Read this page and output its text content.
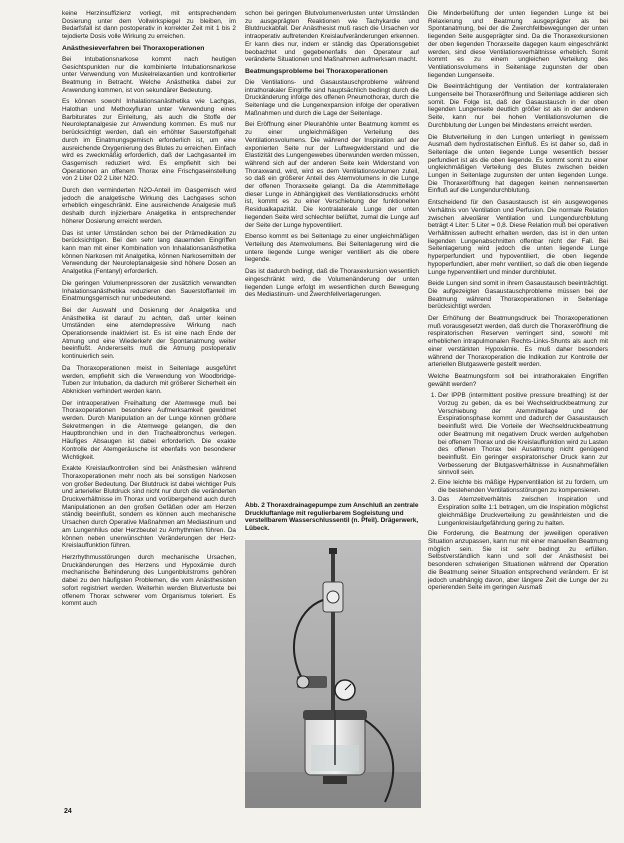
keine Herzinsuffizienz vorliegt, mit entsprechendem Dosierung unter dem Vollwirkspiegel zu bleiben, im Bedarfsfall ist dann postoperativ in korrekter Zeit mit 1 bis 2 tejodierte Dosis volle Wirkung zu erreichen.

Anästhesieverfahren bei Thoraxoperationen

Bei Intubationsnarkose kommt nach heutigen Gesichtspunkten nur die kombinierte Intubationsnarkose unter Verwendung von Muskelrelaxantien und kontrollierter Beatmung in Betracht. Welche Anästhetika dabei zur Anwendung kommen, ist von sekundärer Bedeutung.

Es können sowohl Inhalationsanästhetika wie Lachgas, Halothan und Methoxyfluran unter Verwendung eines Barbiturates zur Einleitung, als auch die Stoffe der Neuroleptanalgesie zur Anwendung kommen. Es muß nur berücksichtigt werden, daß ein erhöhter Sauerstoffgehalt durch im Einatmungsgemisch erforderlich ist, um eine ausreichende Oxygenierung des Blutes zu erreichen. Einfach wird es zweckmäßig erforderlich, daß der Lachgasanteil im Gasgemisch reduziert wird. Es empfiehlt sich bei Operationen an offenem Thorax eine Frischgaseinstellung von 2 Liter O2 2 Liter N2O.

Durch den verminderten N2O-Anteil im Gasgemisch wird jedoch die analgetische Wirkung des Lachgases schon erheblich eingeschränkt. Eine ausreichende Analgesie muß deshalb durch injizierbare Analgetika in entsprechender höherer Dosierung erreicht werden.

Das ist unter Umständen schon bei der Prämedikation zu berücksichtigen. Bei den sehr lang dauernden Eingriffen kann man mit einer Kombination von Inhalationsanästhetika können Narkosen mit Analgetika, können Narkosemitteln der Verwendung der Neuroleptanalgesie sind höhere Dosen an Analgetika (Fentanyl) erforderlich.

Die geringen Volumenpressoren der zusätzlich verwandten Inhalationsanästhetika reduzieren den Sauerstoffanteil im Einatmungsgemisch nur unbedeutend.

Bei der Auswahl und Dosierung der Analgetika und Anästhetika ist darauf zu achten, daß unter keinen Umständen eine atemdepressive Wirkung nach Operationsende inaktiviert ist. Es ist eine nach Ende der Atmung und eine Wiederkehr der Spontanatmung weiter beeinflußt. Andererseits muß die Atmung postoperativ kontinuierlich sein.

Da Thoraxoperationen meist in Seitenlage ausgeführt werden, empfiehlt sich die Verwendung von Woodbridge-Tuben zur Intubation, da dadurch mit größerer Sicherheit ein Abknicken verhindert werden kann.

Der intraoperativen Freihaltung der Atemwege muß bei Thoraxoperationen besondere Aufmerksamkeit gewidmet werden. Durch Manipulation an der Lunge können größere Sekretmengen in die Atemwege gelangen, die den Hauptbronchien und in den Trachealbronchus verlegen. Häufiges Absaugen ist dabei erforderlich. Die exakte Kontrolle der Atemgeräusche ist ebenfalls von besonderer Wichtigkeit.

Exakte Kreislaufkontrollen sind bei Anästhesien während Thoraxoperationen mehr noch als bei sonstigen Narkosen von großer Bedeutung. Der Blutdruck ist dabei wichtiger Puls und arterieller Blutdruck sind nicht nur durch die veränderten Druckverhältnisse im Thorax und vorübergehend auch durch Manipulationen an den großen Gefäßen oder am Herzen ständig beeinflußt, sondern es können auch mechanische Ursachen durch Operative Maßnahmen am Mediastinum und am Lungenhilus oder Herzbeutel zu Arrhythmien führen. Da können neben unerwünschten Veränderungen der Herz-Kreislauffunktion führen.

Herzrhythmusstörungen durch mechanische Ursachen, Druckänderungen des Herzens und Hypoxämie durch mechanische Behinderung des Lungenblutstroms gehören dabei zu den häufigsten Problemen, die vom Anästhesisten sofort registriert werden. Weiterhin werden Blutverluste bei offenem Thorax schwerer vom Organismus toleriert. Es kommt auch

schon bei geringen Blutvolumenverlusten unter Umständen zu ausgeprägten Reaktionen wie Tachykardie und Blutdruckabfall. Der Anästhesist muß rasch die Ursachen vor intraoperativ auftretenden Kreislaufveränderungen erkennen. Er kann dies nur, indem er ständig das Operationsgebiet beobachtet und gegebenenfalls den Operateur auf veränderte Situationen und Maßnahmen aufmerksam macht.

Beatmungsprobleme bei Thoraxoperationen

Die Ventilations- und Gasaustauschprobleme während intrathorakaler Eingriffe sind hauptsächlich bedingt durch die Druckänderung infolge des offenen Pneumothorax, durch die Seitenlage und die Lungenexpansion infolge der operativen Maßnahmen und durch die Lage der Seitenlage.

Bei Eröffnung einer Pleurahöhle unter Beatmung kommt es zu einer ungleichmäßigen Verteilung des Ventilationsvolumens. Die während der Inspiration auf der exponierten Seite nur der Luftwegwiderstand und die Elastizität des Lungengewebes überwunden werden müssen, während sich auf der anderen Seite kein Widerstand von Thoraxwand, wird, wird es dem Ventilationsvolumen zuteil, so daß ein größerer Anteil des Atemvolumens in die Lunge der offenen Thoraxseite gelangt. Da die Atemmittellage dieser Lunge in Abhängigkeit des Ventilationsdrucks erhöht ist, kommt es zu einer Verschiebung der funktionellen Residualkapazität. Die kontralaterale Lunge der unten liegenden Seite wird schlechter belüftet, zumal die Lunge auf der Seite der Lunge hypoventiliert.

Ebenso kommt es bei Seitenlage zu einer ungleichmäßigen Verteilung des Atemvolumens. Bei Seitenlagerung wird die untere liegende Lunge weniger ventiliert als die obere liegende.

Das ist dadurch bedingt, daß die Thoraxexkursion wesentlich eingeschränkt wird, die Volumenänderung der unten liegenden Lunge erfolgt im wesentlichen durch Bewegung des Mediastinum- und Zwerchfellverlagerungen.

Abb. 2 Thoraxdrainagepumpe zum Anschluß an zentrale Druckluftanlage mit regulierbarem Sogleistung und verstellbarem Wasserschlussentil (n. Pfeil). Drägerwerk, Lübeck.

Die Minderbelüftung der unten liegenden Lunge ist bei Relaxierung und Beatmung ausgeprägter als bei Spontanatmung, bei der die Zwerchfellbewegungen der unten liegenden Seite ausgeprägter sind. Da die Thoraxexkursionen der oben liegenden Thoraxseite dagegen kaum eingeschränkt werden, sind diese Ventilationsverhältnisse erheblich. Somit kommt es zu einem ungleichen Verteilung des Ventilationsvolumens in Seitenlage zugunsten der oben liegenden Lungenseite.

Die Beeinträchtigung der Ventilation der kontralateralen Lungenseite bei Thoraxeröffnung und Seitenlage addieren sich somit. Die Folge ist, daß der Gasaustausch in der oben liegenden Lungenseite deutlich größer ist als in der anderen Seite, kann nur bei hohen Ventilationsvolumen die Durchblutung der Lungen bei Mindestens erreicht werden.

Die Blutverteilung in den Lungen unterliegt in gewissem Ausmaß dem hydrostatischen Einfluß. Es ist daher so, daß in Seitenlage die unten liegende Lunge wesentlich besser perfundiert ist als die oben liegende. Es kommt somit zu einer ungleichmäßigen Verteilung des Blutes zwischen beiden Lungen in Seitenlage zugunsten der unten liegenden Lunge. Die Thoraxeröffnung hat dagegen keinen nennenswerten Einfluß auf die Lungendurchblutung.

Entscheidend für den Gasaustausch ist ein ausgewogenes Verhältnis von Ventilation und Perfusion. Die normale Relation zwischen alveolärer Ventilation und Lungendurchblutung beträgt 4 Liter: 5 Liter = 0,8. Diese Relation muß bei operativen Verhältnissen aufrecht erhalten werden, das ist in den unten liegenden Lungenabschnitten offenbar nicht der Fall. Bei Seitenlagerung wird jedoch die unten liegende Lunge hyperperfundiert und hypoventiliert, die oben liegende hypoperfundiert, aber mehr ventiliert, so daß die oben liegende Lunge hyperventiliert und minder durchblutet.

Beide Lungen sind somit in ihrem Gasaustausch beeinträchtigt. Die aufgezeigten Gasaustauschprobleme müssen bei der Beatmung während Thoraxoperationen in Seitenlage berücksichtigt werden.

Der Erhöhung der Beatmungsdruck bei Thoraxoperationen muß vorausgesetzt werden, daß durch die Thoraxeröffnung die respiratorischen Reserven verringert sind, sowohl mit erheblichen intrapulmonalen Rechts-Links-Shunts als auch mit einer verstärkten Hypoxämie. Es muß daher besonders während der Thoraxoperation die Indikation zur Kontrolle der arteriellen Blutgaswerte gestellt werden.

Welche Beatmungsform soll bei intrathorakalen Eingriffen gewählt werden?

1. Der IPPB (intermittent positive pressure breathing) ist der Vorzug zu geben, da es bei Wechseldruckbeatmung zur Verschiebung der Atemmittellage und der Exspirationsphase kommt und dadurch der Gasaustausch beeinflußt wird. Die Vorteile der Wechseldruckbeatmung oder Beatmung mit negativem Druck werden aufgehoben bei offenem Thorax und die Kreislauffunktion wird zu Lasten des offenen Thorax bei Ausatmung nicht genügend beeinflußt. Ein geringer exspiratorischer Druck kann zur Verbesserung der Blutgasverhältnisse in Ausnahmefällen sinnvoll sein.
2. Eine leichte bis mäßige Hyperventilation ist zu fordern, um die bestehenden Ventilationsstörungen zu kompensieren.
3. Das Atemzeitverhältnis zwischen Inspiration und Exspiration sollte 1:1 betragen, um die Inspiration möglichst gleichmäßige Druckverteilung zu gewährleisten und die Lungenkreislaufgefährdung gering zu halten.

Die Forderung, die Beatmung der jeweiligen operativen Situation anzupassen, kann nur mit einer manuellen Beatmung möglich sein. Sie ist sehr bedingt zu erfüllen. Selbstverständlich kann und soll der Anästhesist bei besonderen schwierigen Situationen während der Operation die Beatmung seiner Situation entsprechend verändern. Er ist jedoch unabhängig davon, aber längere Zeit die Lunge der zu operierenden Seite im geringen Ausmaß

24
